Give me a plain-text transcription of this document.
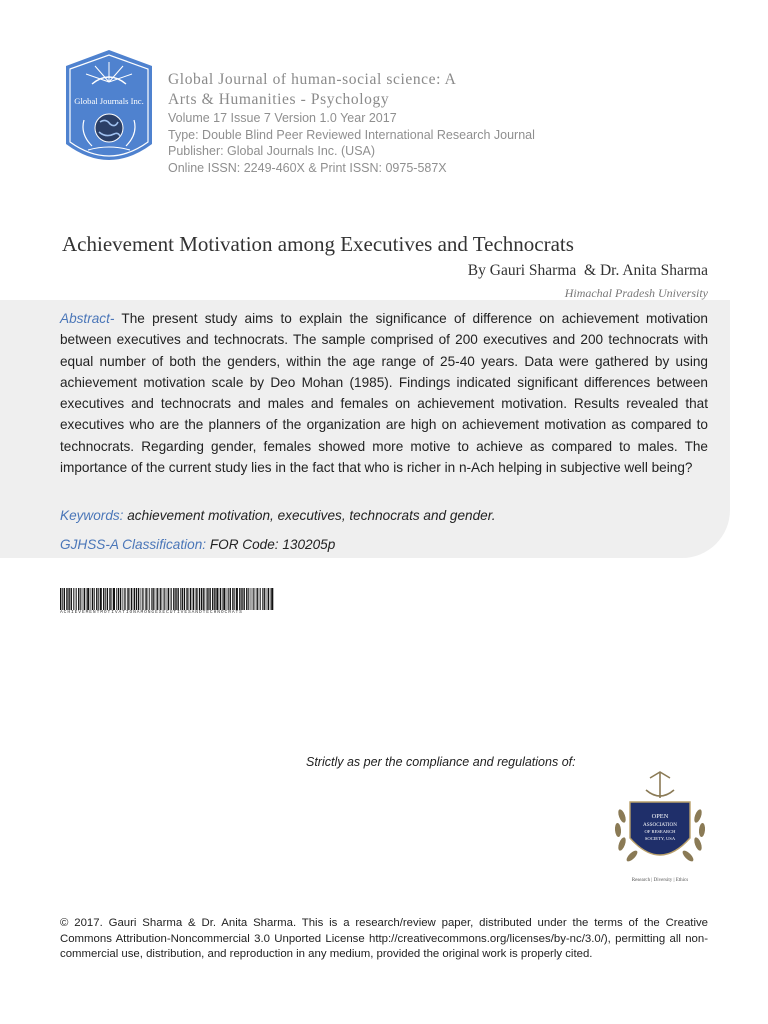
Global Journals Inc.
Global Journal of human-social science: A
Arts & Humanities - Psychology
Volume 17 Issue 7 Version 1.0 Year 2017
Type: Double Blind Peer Reviewed International Research Journal
Publisher: Global Journals Inc. (USA)
Online ISSN: 2249-460X & Print ISSN: 0975-587X
Achievement Motivation among Executives and Technocrats
By Gauri Sharma  & Dr. Anita Sharma
Himachal Pradesh University
Abstract- The present study aims to explain the significance of difference on achievement motivation between executives and technocrats. The sample comprised of 200 executives and 200 technocrats with equal number of both the genders, within the age range of 25-40 years. Data were gathered by using achievement motivation scale by Deo Mohan (1985). Findings indicated significant differences between executives and technocrats and males and females on achievement motivation. Results revealed that executives who are the planners of the organization are high on achievement motivation as compared to technocrats. Regarding gender, females showed more motive to achieve as compared to males. The importance of the current study lies in the fact that who is richer in n-Ach helping in subjective well being?
Keywords: achievement motivation, executives, technocrats and gender.
GJHSS-A Classification: FOR Code: 130205p
ACHIEVEMENTMOTIVATIONAMONGEXECUTIVESANDTECHNOCRATS
Strictly as per the compliance and regulations of:
OPEN
ASSOCIATION
OF RESEARCH
SOCIETY, USA
Research | Diversity | Ethics
© 2017. Gauri Sharma & Dr. Anita Sharma. This is a research/review paper, distributed under the terms of the Creative Commons Attribution-Noncommercial 3.0 Unported License http://creativecommons.org/licenses/by-nc/3.0/), permitting all non-commercial use, distribution, and reproduction in any medium, provided the original work is properly cited.
